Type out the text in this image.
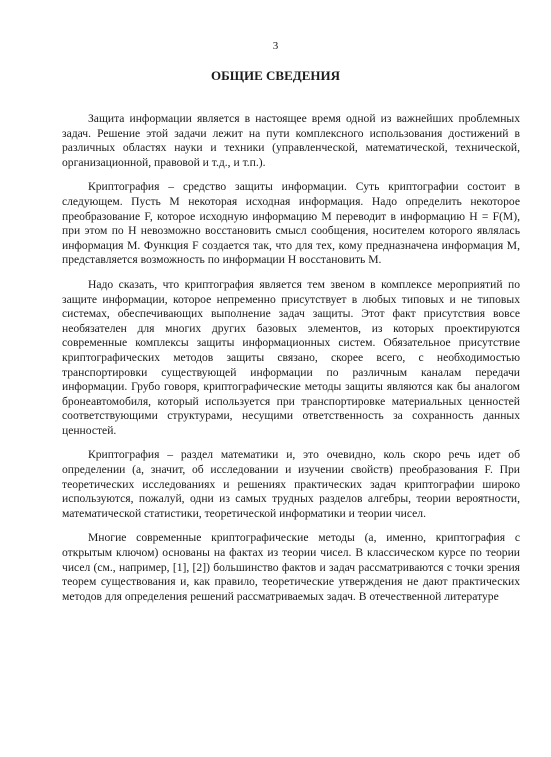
3
ОБЩИЕ СВЕДЕНИЯ

Защита информации является в настоящее время одной из важнейших проблемных задач. Решение этой задачи лежит на пути комплексного использования достижений в различных областях науки и техники (управленческой, математической, технической, организационной, правовой и т.д., и т.п.).

Криптография – средство защиты информации. Суть криптографии состоит в следующем. Пусть M некоторая исходная информация. Надо определить некоторое преобразование F, которое исходную информацию M переводит в информацию H = F(M), при этом по H невозможно восстановить смысл сообщения, носителем которого являлась информация M. Функция F создается так, что для тех, кому предназначена информация M, представляется возможность по информации H восстановить M.

Надо сказать, что криптография является тем звеном в комплексе мероприятий по защите информации, которое непременно присутствует в любых типовых и не типовых системах, обеспечивающих выполнение задач защиты. Этот факт присутствия вовсе необязателен для многих других базовых элементов, из которых проектируются современные комплексы защиты информационных систем. Обязательное присутствие криптографических методов защиты связано, скорее всего, с необходимостью транспортировки существующей информации по различным каналам передачи информации. Грубо говоря, криптографические методы защиты являются как бы аналогом бронеавтомобиля, который используется при транспортировке материальных ценностей соответствующими структурами, несущими ответственность за сохранность данных ценностей.

Криптография – раздел математики и, это очевидно, коль скоро речь идет об определении (а, значит, об исследовании и изучении свойств) преобразования F. При теоретических исследованиях и решениях практических задач криптографии широко используются, пожалуй, одни из самых трудных разделов алгебры, теории вероятности, математической статистики, теоретической информатики и теории чисел.

Многие современные криптографические методы (а, именно, криптография с открытым ключом) основаны на фактах из теории чисел. В классическом курсе по теории чисел (см., например, [1], [2]) большинство фактов и задач рассматриваются с точки зрения теорем существования и, как правило, теоретические утверждения не дают практических методов для определения решений рассматриваемых задач. В отечественной литературе
